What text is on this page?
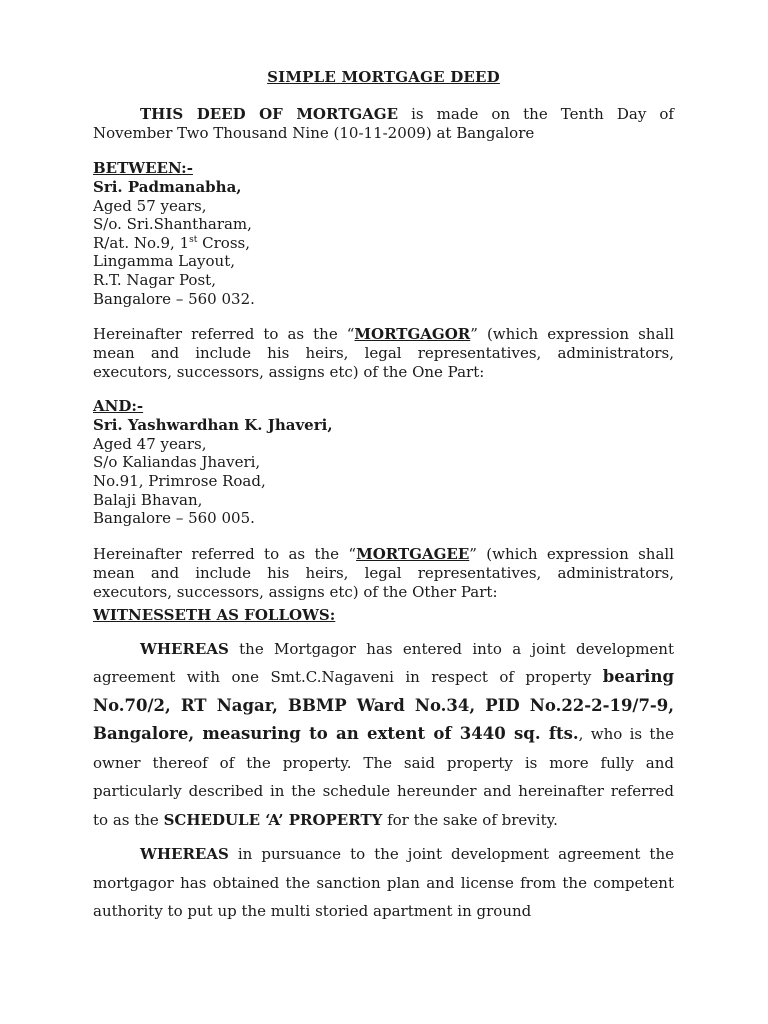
SIMPLE MORTGAGE DEED

THIS DEED OF MORTGAGE is made on the Tenth Day of November Two Thousand Nine (10-11-2009) at Bangalore

BETWEEN:-

Sri. Padmanabha,
Aged 57 years,
S/o. Sri.Shantharam,
R/at. No.9, 1st Cross,
Lingamma Layout,
R.T. Nagar Post,
Bangalore – 560 032.

Hereinafter referred to as the “MORTGAGOR” (which expression shall mean and include his heirs, legal representatives, administrators, executors, successors, assigns etc) of the One Part:

AND:-

Sri. Yashwardhan K. Jhaveri,
Aged 47 years,
S/o Kaliandas Jhaveri,
No.91, Primrose Road,
Balaji Bhavan,
Bangalore – 560 005.

Hereinafter referred to as the “MORTGAGEE” (which expression shall mean and include his heirs, legal representatives, administrators, executors, successors, assigns etc) of the Other Part:

WITNESSETH AS FOLLOWS:

WHEREAS the Mortgagor has entered into a joint development agreement with one Smt.C.Nagaveni in respect of property bearing No.70/2, RT Nagar, BBMP Ward No.34, PID No.22-2-19/7-9, Bangalore, measuring to an extent of 3440 sq. fts., who is the owner thereof of the property. The said property is more fully and particularly described in the schedule hereunder and hereinafter referred to as the SCHEDULE ‘A’ PROPERTY for the sake of brevity.

WHEREAS in pursuance to the joint development agreement the mortgagor has obtained the sanction plan and license from the competent authority to put up the multi storied apartment in ground
